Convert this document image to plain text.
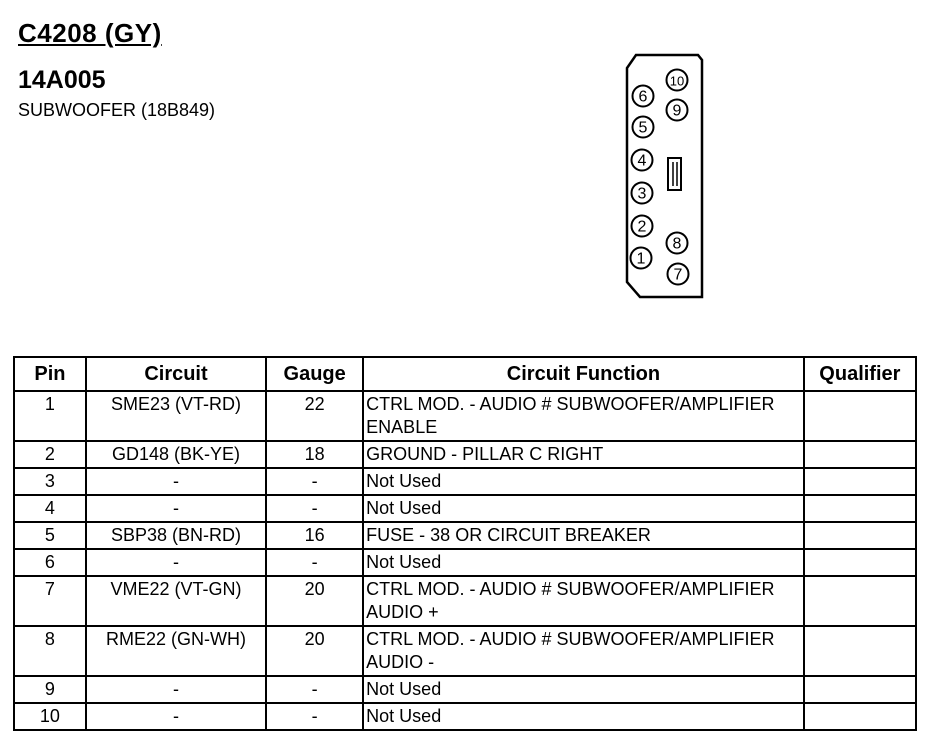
C4208 (GY)
14A005
SUBWOOFER (18B849)
1
2
3
4
5
6
7
8
9
10
Pin	Circuit	Gauge	Circuit Function	Qualifier
1	SME23 (VT-RD)	22	CTRL MOD. - AUDIO # SUBWOOFER/AMPLIFIER
ENABLE	

2	GD148 (BK-YE)	18	GROUND - PILLAR C RIGHT	

3	-	-	Not Used	

4	-	-	Not Used	

5	SBP38 (BN-RD)	16	FUSE - 38 OR CIRCUIT BREAKER	

6	-	-	Not Used	

7	VME22 (VT-GN)	20	CTRL MOD. - AUDIO # SUBWOOFER/AMPLIFIER
AUDIO +	

8	RME22 (GN-WH)	20	CTRL MOD. - AUDIO # SUBWOOFER/AMPLIFIER
AUDIO -	

9	-	-	Not Used	

10	-	-	Not Used	
